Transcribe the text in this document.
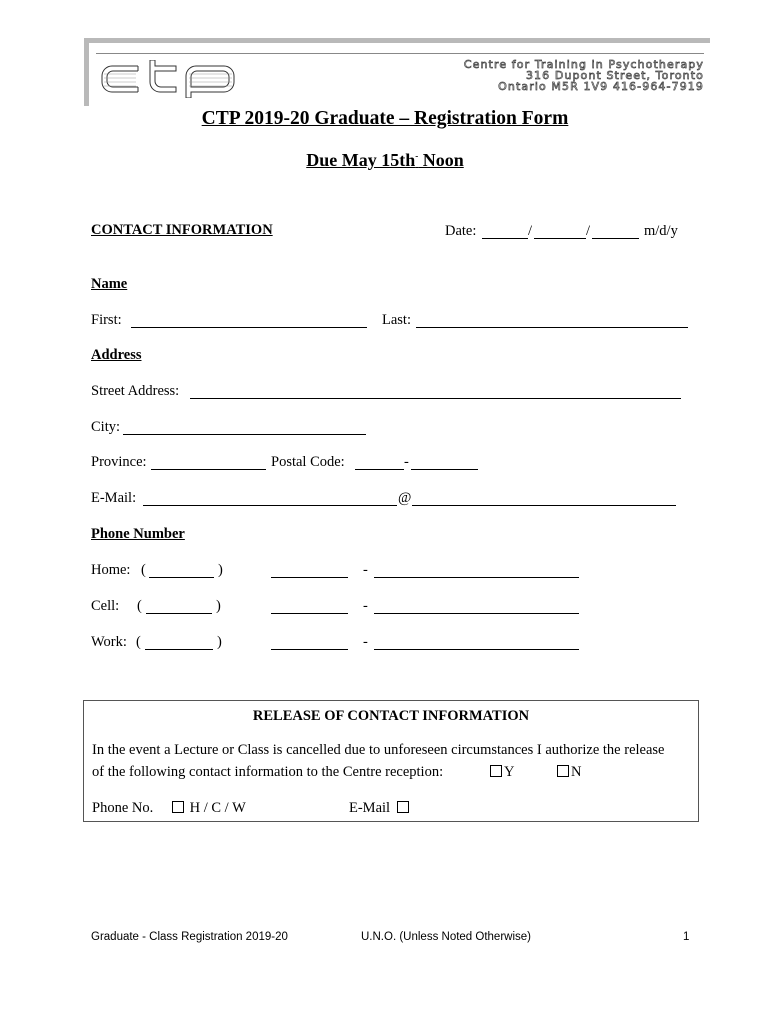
Centre for Training in Psychotherapy
316 Dupont Street, Toronto
Ontario M5R 1V9 416-964-7919
CTP 2019-20 Graduate – Registration Form
Due May 15th- Noon
CONTACT INFORMATION	Date:	/	/	m/d/y
Name
First:	Last:
Address
Street Address:
City:
Province:	Postal Code:	-
E-Mail:	@
Phone Number
Home: (	)	-
Cell: (	)	-
Work: (	)	-
RELEASE OF CONTACT INFORMATION
In the event a Lecture or Class is cancelled due to unforeseen circumstances I authorize the release
of the following contact information to the Centre reception:	Y	N
Phone No.	H / C / W	E-Mail
Graduate - Class Registration 2019-20	U.N.O. (Unless Noted Otherwise)	1
